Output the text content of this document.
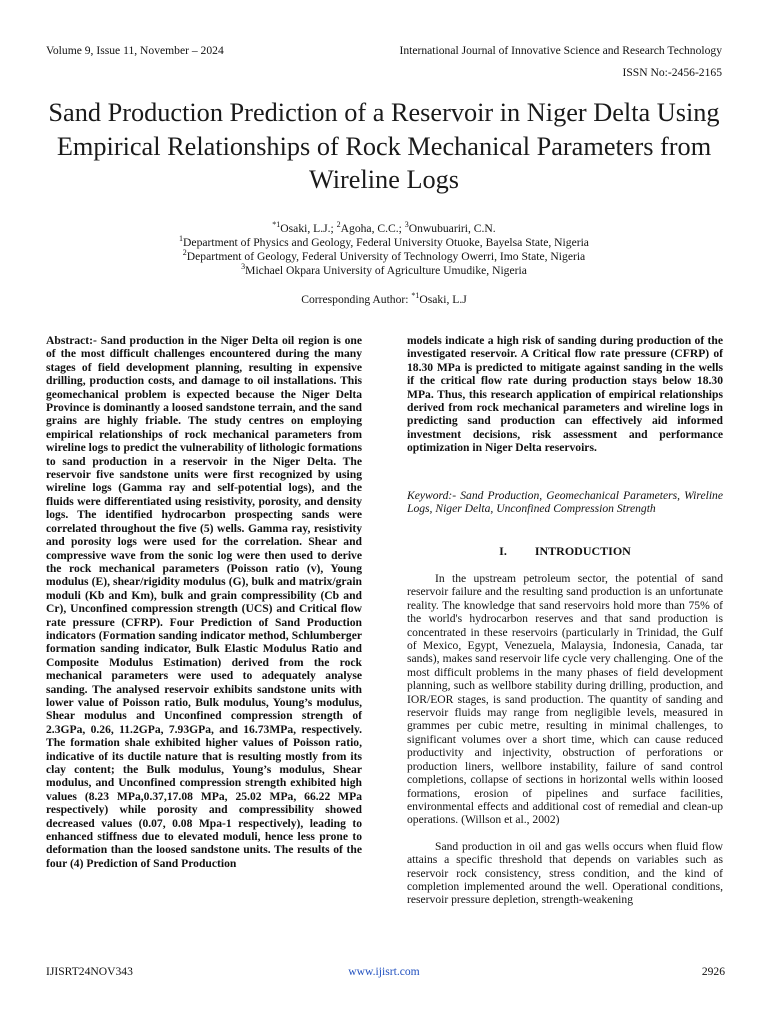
Volume 9, Issue 11, November – 2024	International Journal of Innovative Science and Research Technology
ISSN No:-2456-2165
Sand Production Prediction of a Reservoir in Niger Delta Using Empirical Relationships of Rock Mechanical Parameters from Wireline Logs
$^{*1}$Osaki, L.J.; $^2$Agoha, C.C.; $^3$Onwubuariri, C.N.
$^1$Department of Physics and Geology, Federal University Otuoke, Bayelsa State, Nigeria
$^2$Department of Geology, Federal University of Technology Owerri, Imo State, Nigeria
$^3$Michael Okpara University of Agriculture Umudike, Nigeria
Corresponding Author: $^{*1}$Osaki, L.J
Abstract:- Sand production in the Niger Delta oil region is one of the most difficult challenges encountered during the many stages of field development planning, resulting in expensive drilling, production costs, and damage to oil installations. This geomechanical problem is expected because the Niger Delta Province is dominantly a loosed sandstone terrain, and the sand grains are highly friable. The study centres on employing empirical relationships of rock mechanical parameters from wireline logs to predict the vulnerability of lithologic formations to sand production in a reservoir in the Niger Delta. The reservoir five sandstone units were first recognized by using wireline logs (Gamma ray and self-potential logs), and the fluids were differentiated using resistivity, porosity, and density logs. The identified hydrocarbon prospecting sands were correlated throughout the five (5) wells. Gamma ray, resistivity and porosity logs were used for the correlation. Shear and compressive wave from the sonic log were then used to derive the rock mechanical parameters (Poisson ratio (v), Young modulus (E), shear/rigidity modulus (G), bulk and matrix/grain moduli (Kb and Km), bulk and grain compressibility (Cb and Cr), Unconfined compression strength (UCS) and Critical flow rate pressure (CFRP). Four Prediction of Sand Production indicators (Formation sanding indicator method, Schlumberger formation sanding indicator, Bulk Elastic Modulus Ratio and Composite Modulus Estimation) derived from the rock mechanical parameters were used to adequately analyse sanding. The analysed reservoir exhibits sandstone units with lower value of Poisson ratio, Bulk modulus, Young’s modulus, Shear modulus and Unconfined compression strength of 2.3GPa, 0.26, 11.2GPa, 7.93GPa, and 16.73MPa, respectively. The formation shale exhibited higher values of Poisson ratio, indicative of its ductile nature that is resulting mostly from its clay content; the Bulk modulus, Young’s modulus, Shear modulus, and Unconfined compression strength exhibited high values (8.23 MPa,0.37,17.08 MPa, 25.02 MPa, 66.22 MPa respectively) while porosity and compressibility showed decreased values (0.07, 0.08 Mpa-1 respectively), leading to enhanced stiffness due to elevated moduli, hence less prone to deformation than the loosed sandstone units. The results of the four (4) Prediction of Sand Production
models indicate a high risk of sanding during production of the investigated reservoir. A Critical flow rate pressure (CFRP) of 18.30 MPa is predicted to mitigate against sanding in the wells if the critical flow rate during production stays below 18.30 MPa. Thus, this research application of empirical relationships derived from rock mechanical parameters and wireline logs in predicting sand production can effectively aid informed investment decisions, risk assessment and performance optimization in Niger Delta reservoirs.
Keyword:- Sand Production, Geomechanical Parameters, Wireline Logs, Niger Delta, Unconfined Compression Strength
I. INTRODUCTION

In the upstream petroleum sector, the potential of sand reservoir failure and the resulting sand production is an unfortunate reality. The knowledge that sand reservoirs hold more than 75% of the world's hydrocarbon reserves and that sand production is concentrated in these reservoirs (particularly in Trinidad, the Gulf of Mexico, Egypt, Venezuela, Malaysia, Indonesia, Canada, tar sands), makes sand reservoir life cycle very challenging. One of the most difficult problems in the many phases of field development planning, such as wellbore stability during drilling, production, and IOR/EOR stages, is sand production. The quantity of sanding and reservoir fluids may range from negligible levels, measured in grammes per cubic metre, resulting in minimal challenges, to significant volumes over a short time, which can cause reduced productivity and injectivity, obstruction of perforations or production liners, wellbore instability, failure of sand control completions, collapse of sections in horizontal wells within loosed formations, erosion of pipelines and surface facilities, environmental effects and additional cost of remedial and clean-up operations. (Willson et al., 2002)

Sand production in oil and gas wells occurs when fluid flow attains a specific threshold that depends on variables such as reservoir rock consistency, stress condition, and the kind of completion implemented around the well. Operational conditions, reservoir pressure depletion, strength-weakening

IJISRT24NOV343	www.ijisrt.com	2926
